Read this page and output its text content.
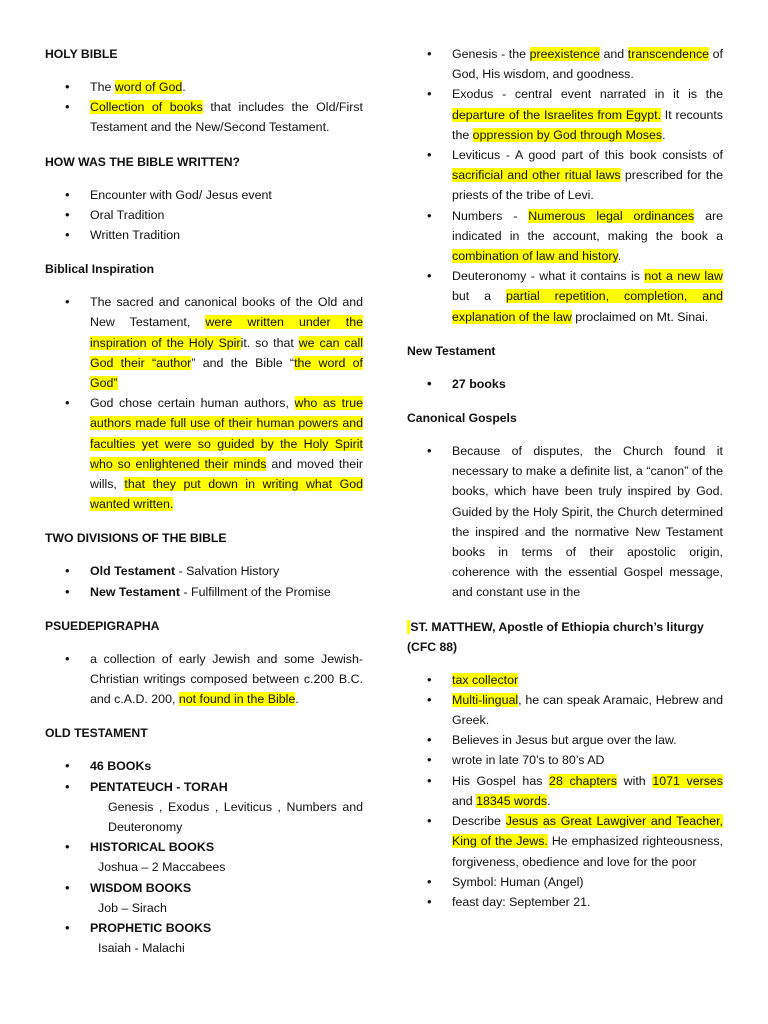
HOLY BIBLE
• The word of God.
• Collection of books that includes the Old/First Testament and the New/Second Testament.
HOW WAS THE BIBLE WRITTEN?
• Encounter with God/ Jesus event
• Oral Tradition
• Written Tradition
Biblical Inspiration
• The sacred and canonical books of the Old and New Testament, were written under the inspiration of the Holy Spirit. so that we can call God their “author” and the Bible “the word of God”
• God chose certain human authors, who as true authors made full use of their human powers and faculties yet were so guided by the Holy Spirit who so enlightened their minds and moved their wills, that they put down in writing what God wanted written.
TWO DIVISIONS OF THE BIBLE
• Old Testament - Salvation History
• New Testament - Fulfillment of the Promise
PSUEDEPIGRAPHA
• a collection of early Jewish and some Jewish-Christian writings composed between c.200 B.C. and c.A.D. 200, not found in the Bible.
OLD TESTAMENT
• 46 BOOKs
• PENTATEUCH - TORAH
Genesis , Exodus , Leviticus , Numbers and Deuteronomy
• HISTORICAL BOOKS
Joshua – 2 Maccabees
• WISDOM BOOKS
Job – Sirach
• PROPHETIC BOOKS
Isaiah - Malachi
• Genesis - the preexistence and transcendence of God, His wisdom, and goodness.
• Exodus - central event narrated in it is the departure of the Israelites from Egypt. It recounts the oppression by God through Moses.
• Leviticus - A good part of this book consists of sacrificial and other ritual laws prescribed for the priests of the tribe of Levi.
• Numbers - Numerous legal ordinances are indicated in the account, making the book a combination of law and history.
• Deuteronomy - what it contains is not a new law but a partial repetition, completion, and explanation of the law proclaimed on Mt. Sinai.
New Testament
• 27 books
Canonical Gospels
• Because of disputes, the Church found it necessary to make a definite list, a “canon” of the books, which have been truly inspired by God. Guided by the Holy Spirit, the Church determined the inspired and the normative New Testament books in terms of their apostolic origin, coherence with the essential Gospel message, and constant use in the
ST. MATTHEW, Apostle of Ethiopia church’s liturgy (CFC 88)
• tax collector
• Multi-lingual, he can speak Aramaic, Hebrew and Greek.
• Believes in Jesus but argue over the law.
• wrote in late 70’s to 80’s AD
• His Gospel has 28 chapters with 1071 verses and 18345 words.
• Describe Jesus as Great Lawgiver and Teacher, King of the Jews. He emphasized righteousness, forgiveness, obedience and love for the poor
• Symbol: Human (Angel)
• feast day: September 21.
